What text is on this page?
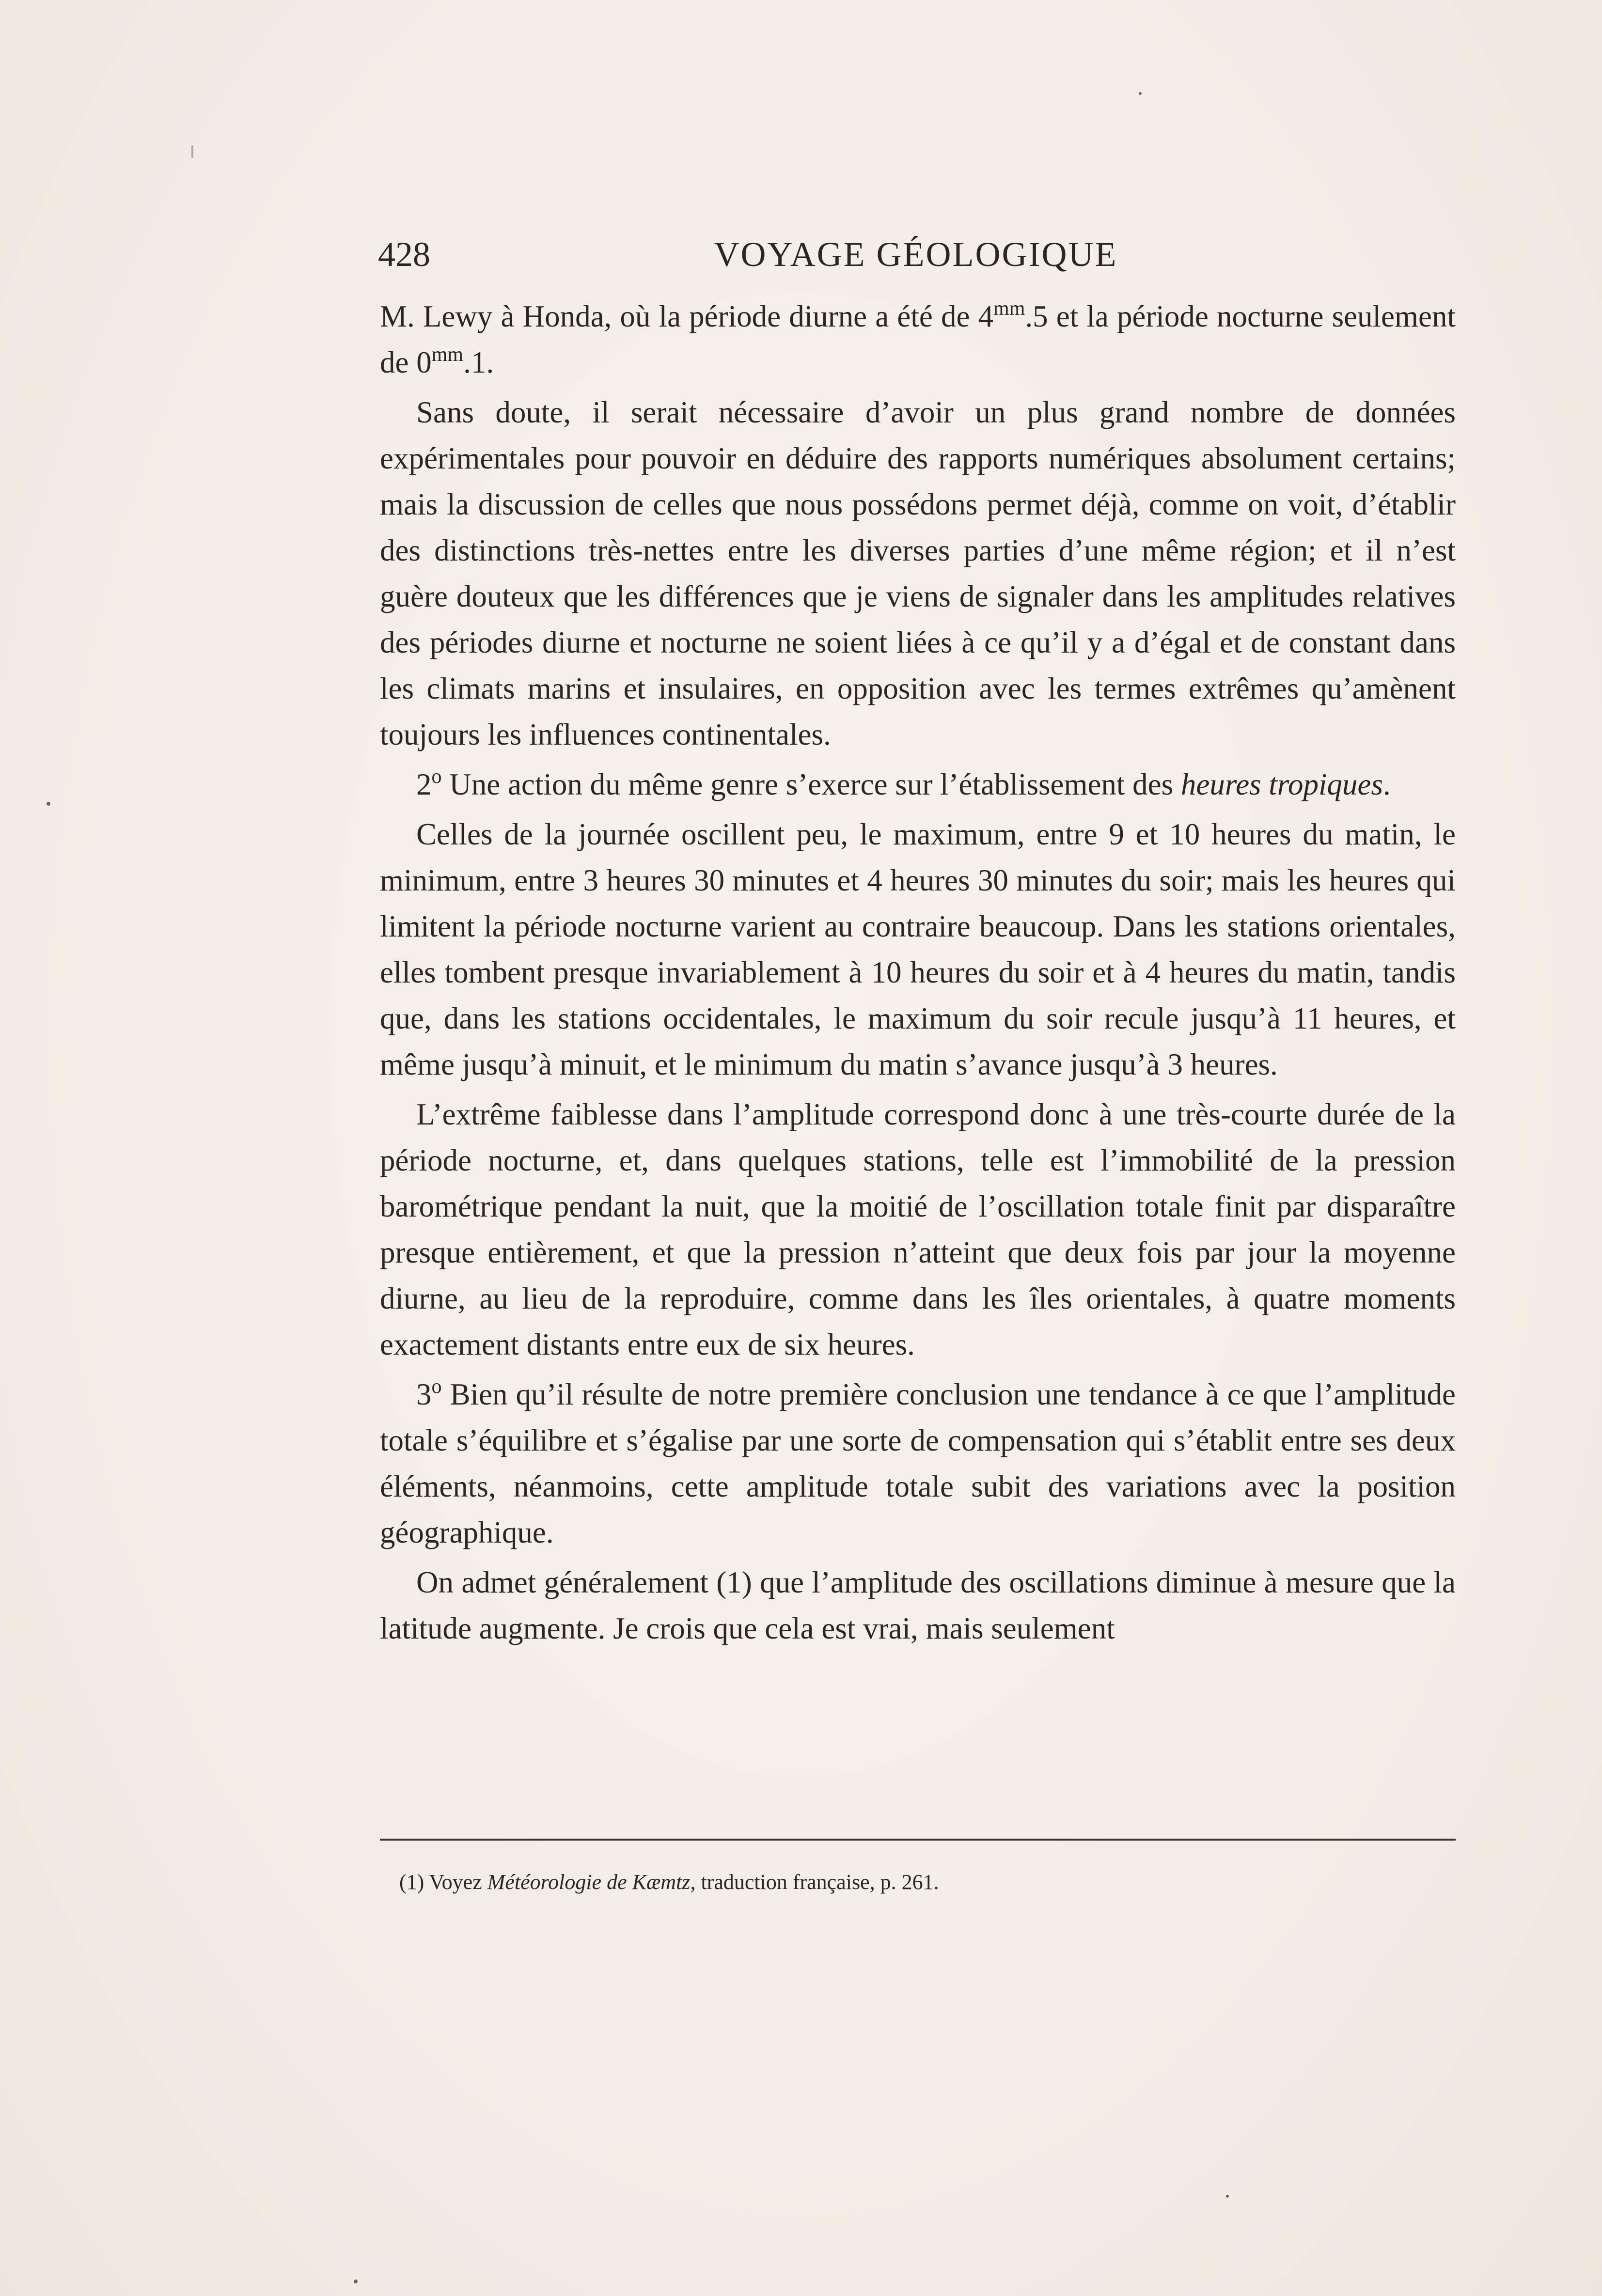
428	VOYAGE GÉOLOGIQUE

M. Lewy à Honda, où la période diurne a été de $4^{mm}.5$ et la période nocturne seulement de $0^{mm}.1$.

Sans doute, il serait nécessaire d’avoir un plus grand nombre de données expérimentales pour pouvoir en déduire des rapports numériques absolument certains; mais la discussion de celles que nous possédons permet déjà, comme on voit, d’établir des distinctions très-nettes entre les diverses parties d’une même région; et il n’est guère douteux que les différences que je viens de signaler dans les amplitudes relatives des périodes diurne et nocturne ne soient liées à ce qu’il y a d’égal et de constant dans les climats marins et insulaires, en opposition avec les termes extrêmes qu’amènent toujours les influences continentales.

2$^o$ Une action du même genre s’exerce sur l’établissement des heures tropiques.

Celles de la journée oscillent peu, le maximum, entre 9 et 10 heures du matin, le minimum, entre 3 heures 30 minutes et 4 heures 30 minutes du soir; mais les heures qui limitent la période nocturne varient au contraire beaucoup. Dans les stations orientales, elles tombent presque invariablement à 10 heures du soir et à 4 heures du matin, tandis que, dans les stations occidentales, le maximum du soir recule jusqu’à 11 heures, et même jusqu’à minuit, et le minimum du matin s’avance jusqu’à 3 heures.

L’extrême faiblesse dans l’amplitude correspond donc à une très-courte durée de la période nocturne, et, dans quelques stations, telle est l’immobilité de la pression barométrique pendant la nuit, que la moitié de l’oscillation totale finit par disparaître presque entièrement, et que la pression n’atteint que deux fois par jour la moyenne diurne, au lieu de la reproduire, comme dans les îles orientales, à quatre moments exactement distants entre eux de six heures.

3$^o$ Bien qu’il résulte de notre première conclusion une tendance à ce que l’amplitude totale s’équilibre et s’égalise par une sorte de compensation qui s’établit entre ses deux éléments, néanmoins, cette amplitude totale subit des variations avec la position géographique.

On admet généralement (1) que l’amplitude des oscillations diminue à mesure que la latitude augmente. Je crois que cela est vrai, mais seulement

(1) Voyez Météorologie de Kæmtz, traduction française, p. 261.
